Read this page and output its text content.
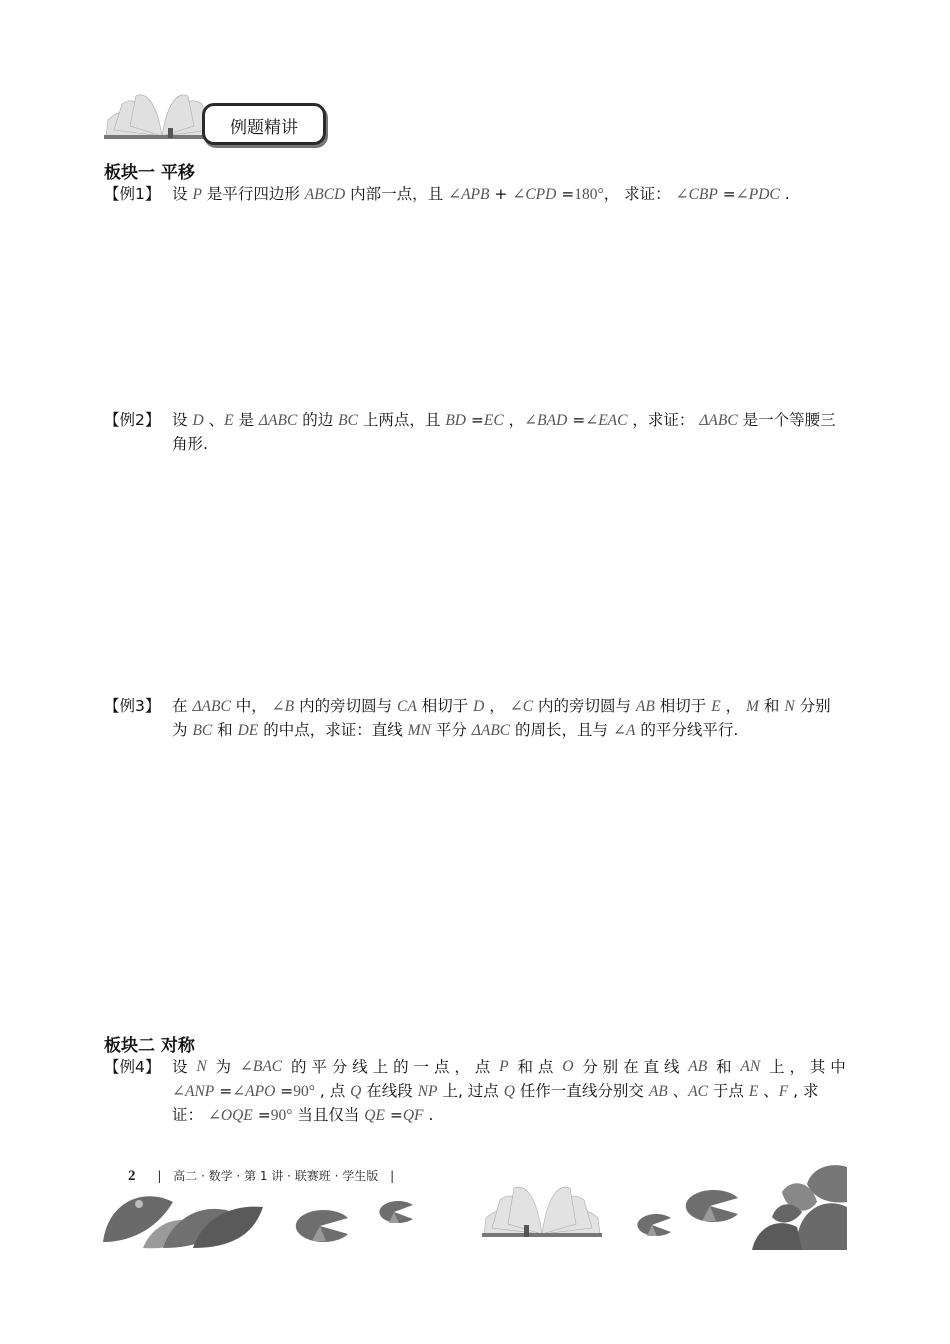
例题精讲
板块一 平移
【例1】 设 P 是平行四边形 ABCD 内部一点，且 ∠APB + ∠CPD =180°， 求证： ∠CBP =∠PDC .
【例2】 设 D 、E 是 ΔABC 的边 BC 上两点，且 BD =EC ，∠BAD =∠EAC ，求证： ΔABC 是一个等腰三
角形.
【例3】 在 ΔABC 中， ∠B 内的旁切圆与 CA 相切于 D ， ∠C 内的旁切圆与 AB 相切于 E ， M 和 N 分别
为 BC 和 DE 的中点，求证：直线 MN 平分 ΔABC 的周长，且与 ∠A 的平分线平行.
板块二 对称
【例4】 设 N 为 ∠BAC 的 平 分 线 上 的 一 点 ， 点 P 和 点 O 分 别 在 直 线 AB 和 AN 上 ， 其 中
∠ANP =∠APO =90° , 点 Q 在线段 NP 上, 过点 Q 任作一直线分别交 AB 、AC 于点 E 、F , 求
证： ∠OQE =90° 当且仅当 QE =QF .
2 | 高二 · 数学 · 第 1 讲 · 联赛班 · 学生版 |
